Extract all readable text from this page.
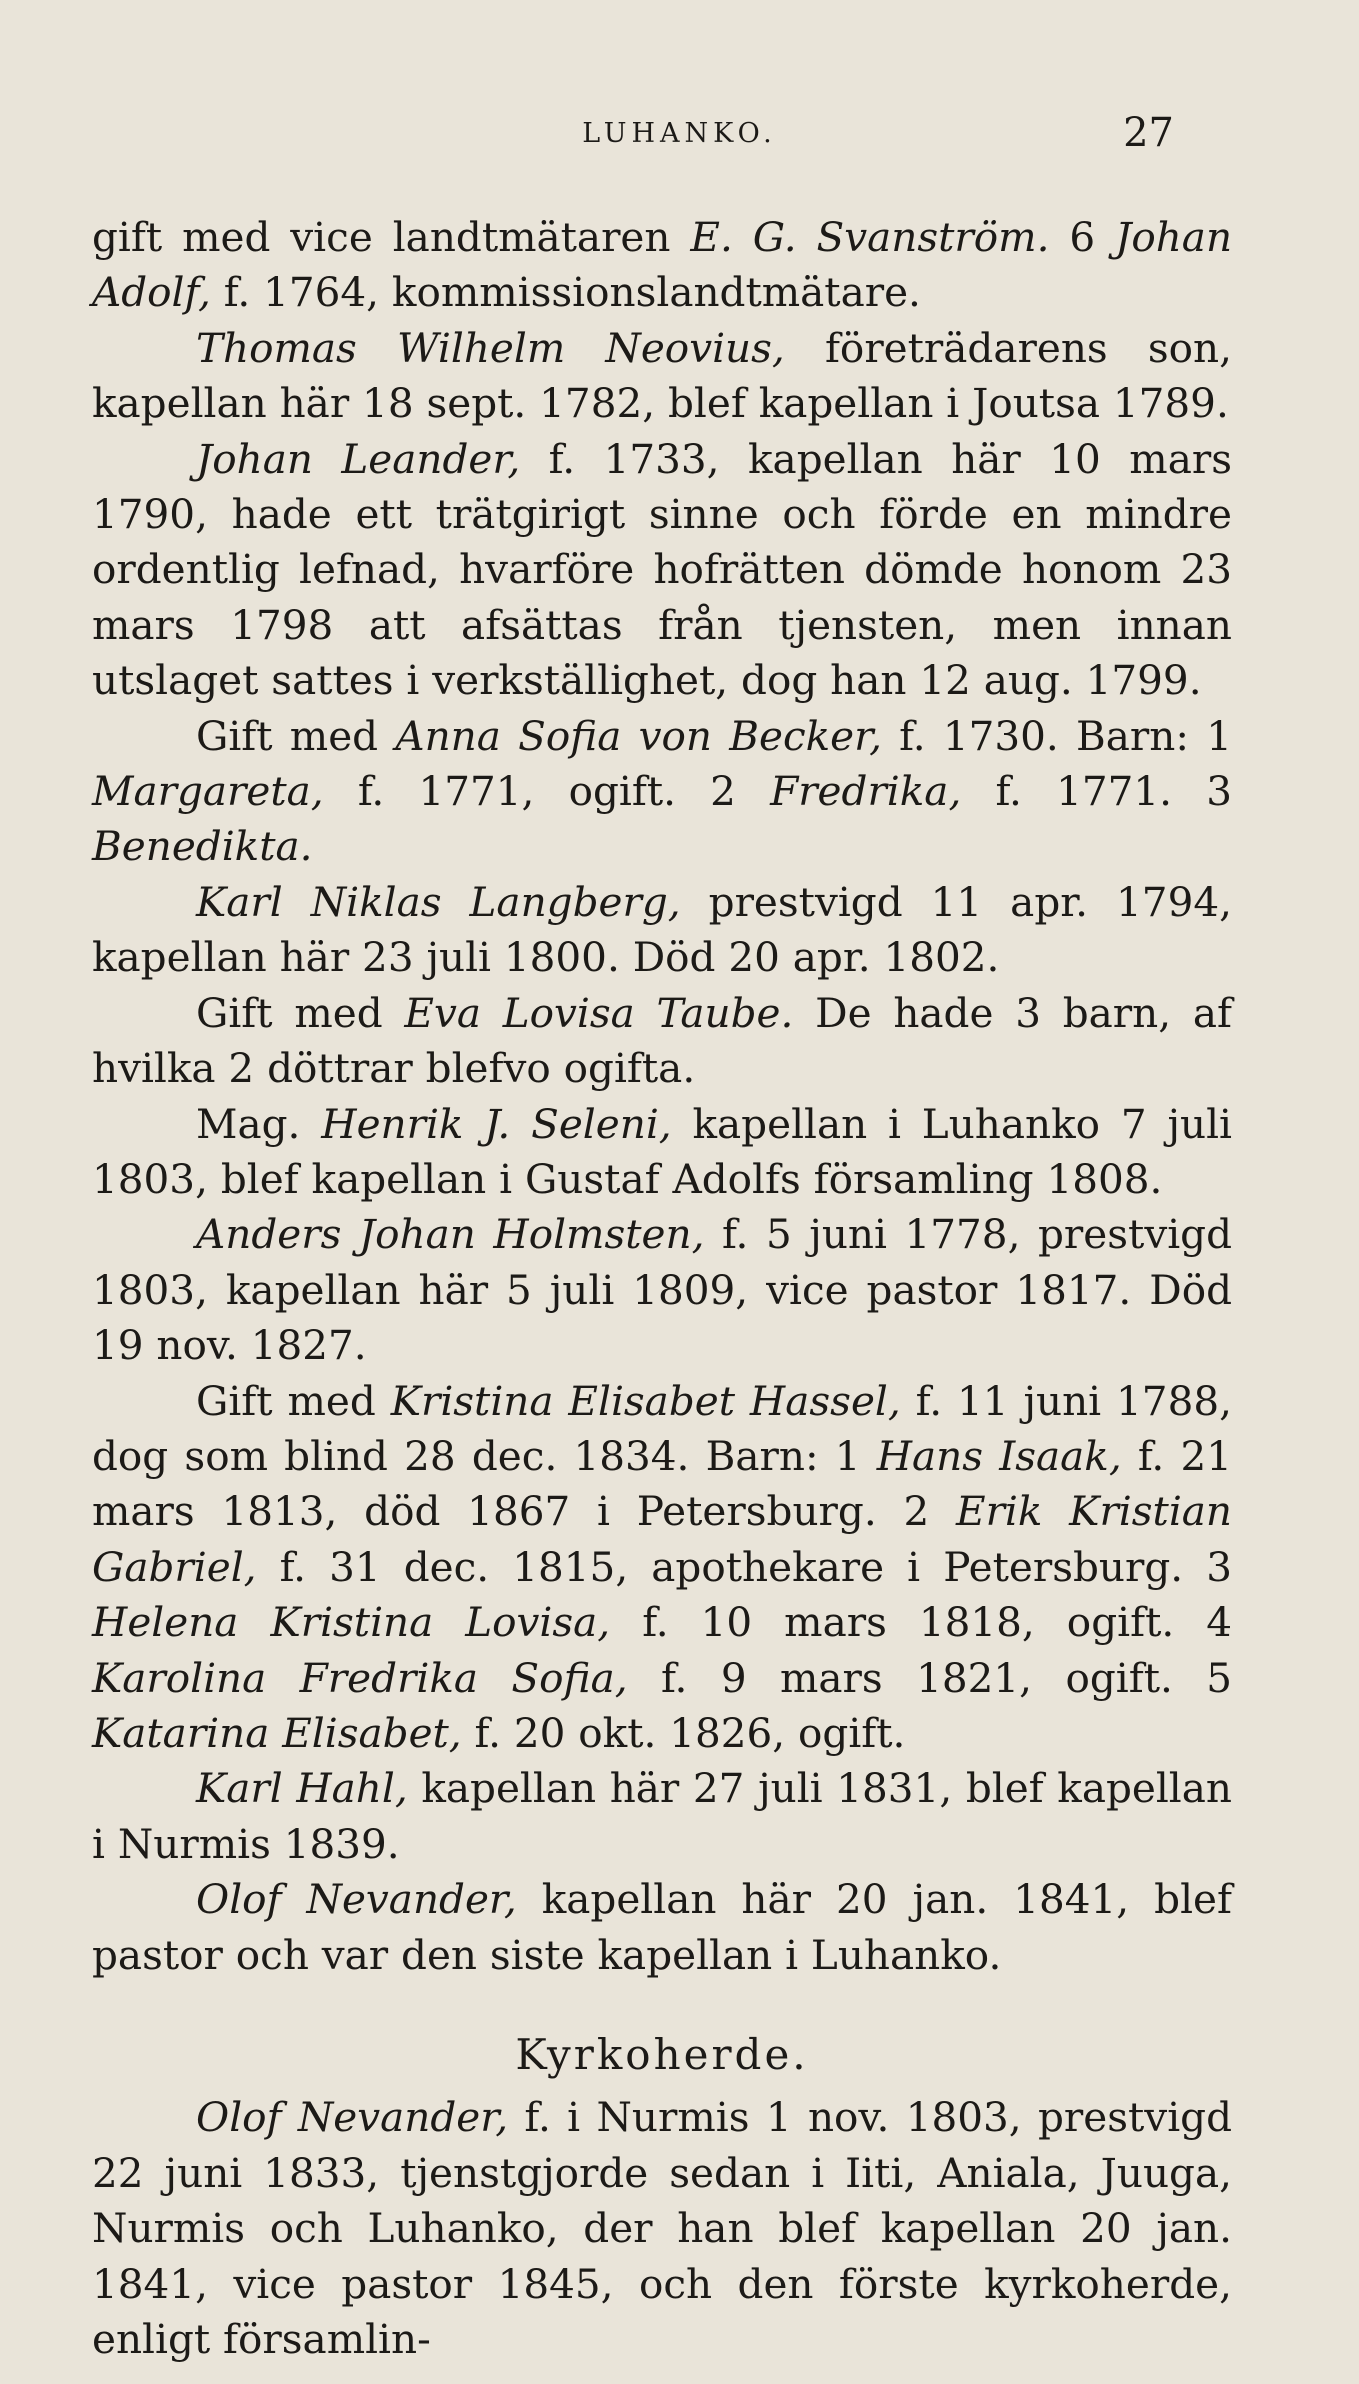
LUHANKO.	27

gift med vice landtmätaren E. G. Svanström. 6 Johan Adolf, f. 1764, kommissionslandtmätare.

Thomas Wilhelm Neovius, företrädarens son, kapellan här 18 sept. 1782, blef kapellan i Joutsa 1789.

Johan Leander, f. 1733, kapellan här 10 mars 1790, hade ett trätgirigt sinne och förde en mindre ordentlig lefnad, hvarföre hofrätten dömde honom 23 mars 1798 att afsättas från tjensten, men innan utslaget sattes i verkställighet, dog han 12 aug. 1799.

Gift med Anna Sofia von Becker, f. 1730. Barn: 1 Margareta, f. 1771, ogift. 2 Fredrika, f. 1771. 3 Benedikta.

Karl Niklas Langberg, prestvigd 11 apr. 1794, kapellan här 23 juli 1800. Död 20 apr. 1802.

Gift med Eva Lovisa Taube. De hade 3 barn, af hvilka 2 döttrar blefvo ogifta.

Mag. Henrik J. Seleni, kapellan i Luhanko 7 juli 1803, blef kapellan i Gustaf Adolfs församling 1808.

Anders Johan Holmsten, f. 5 juni 1778, prestvigd 1803, kapellan här 5 juli 1809, vice pastor 1817. Död 19 nov. 1827.

Gift med Kristina Elisabet Hassel, f. 11 juni 1788, dog som blind 28 dec. 1834. Barn: 1 Hans Isaak, f. 21 mars 1813, död 1867 i Petersburg. 2 Erik Kristian Gabriel, f. 31 dec. 1815, apothekare i Petersburg. 3 Helena Kristina Lovisa, f. 10 mars 1818, ogift. 4 Karolina Fredrika Sofia, f. 9 mars 1821, ogift. 5 Katarina Elisabet, f. 20 okt. 1826, ogift.

Karl Hahl, kapellan här 27 juli 1831, blef kapellan i Nurmis 1839.

Olof Nevander, kapellan här 20 jan. 1841, blef pastor och var den siste kapellan i Luhanko.

Kyrkoherde.

Olof Nevander, f. i Nurmis 1 nov. 1803, prestvigd 22 juni 1833, tjenstgjorde sedan i Iiti, Aniala, Juuga, Nurmis och Luhanko, der han blef kapellan 20 jan. 1841, vice pastor 1845, och den förste kyrkoherde, enligt församlin-
